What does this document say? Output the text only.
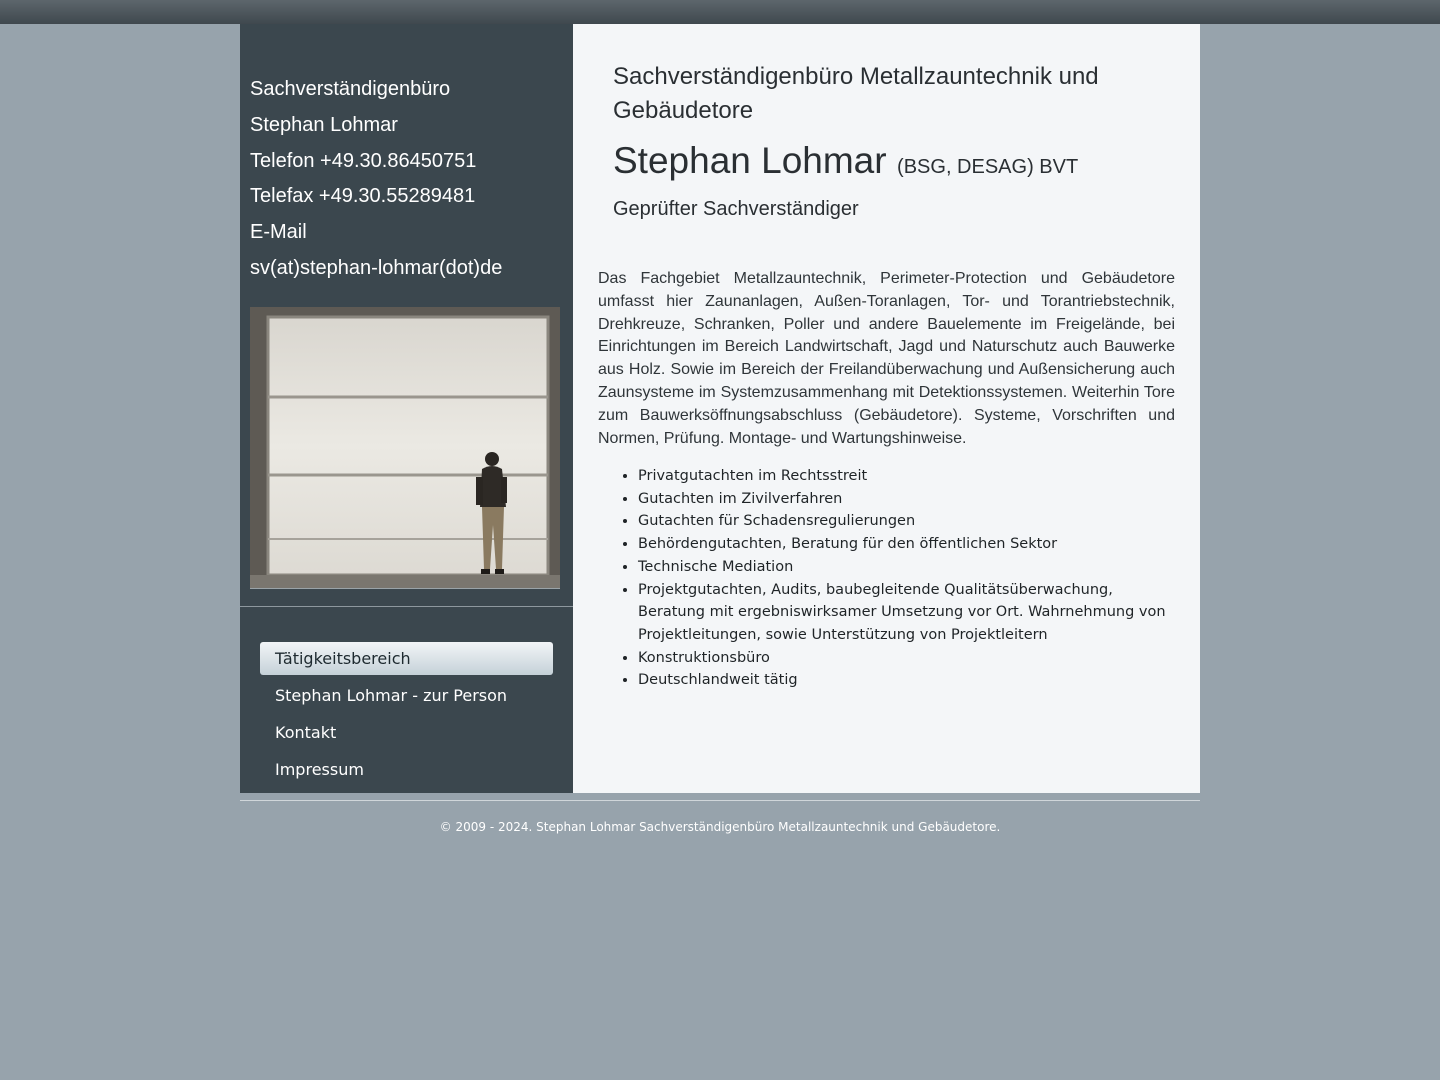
Sachverständigenbüro
Stephan Lohmar
Telefon +49.30.86450751
Telefax +49.30.55289481
E-Mail
sv(at)stephan-lohmar(dot)de
Tätigkeitsbereich
Stephan Lohmar - zur Person
Kontakt
Impressum
Sachverständigenbüro Metallzauntechnik und Gebäudetore
Stephan Lohmar (BSG, DESAG) BVT
Geprüfter Sachverständiger

Das Fachgebiet Metallzauntechnik, Perimeter-Protection und Gebäudetore umfasst hier Zaunanlagen, Außen-Toranlagen, Tor- und Torantriebstechnik, Drehkreuze, Schranken, Poller und andere Bauelemente im Freigelände, bei Einrichtungen im Bereich Landwirtschaft, Jagd und Naturschutz auch Bauwerke aus Holz. Sowie im Bereich der Freilandüberwachung und Außensicherung auch Zaunsysteme im Systemzusammenhang mit Detektionssystemen. Weiterhin Tore zum Bauwerksöffnungsabschluss (Gebäudetore). Systeme, Vorschriften und Normen, Prüfung. Montage- und Wartungshinweise.

• Privatgutachten im Rechtsstreit
• Gutachten im Zivilverfahren
• Gutachten für Schadensregulierungen
• Behördengutachten, Beratung für den öffentlichen Sektor
• Technische Mediation
• Projektgutachten, Audits, baubegleitende Qualitätsüberwachung, Beratung mit ergebniswirksamer Umsetzung vor Ort. Wahrnehmung von Projektleitungen, sowie Unterstützung von Projektleitern
• Konstruktionsbüro
• Deutschlandweit tätig
© 2009 - 2024. Stephan Lohmar Sachverständigenbüro Metallzauntechnik und Gebäudetore.
